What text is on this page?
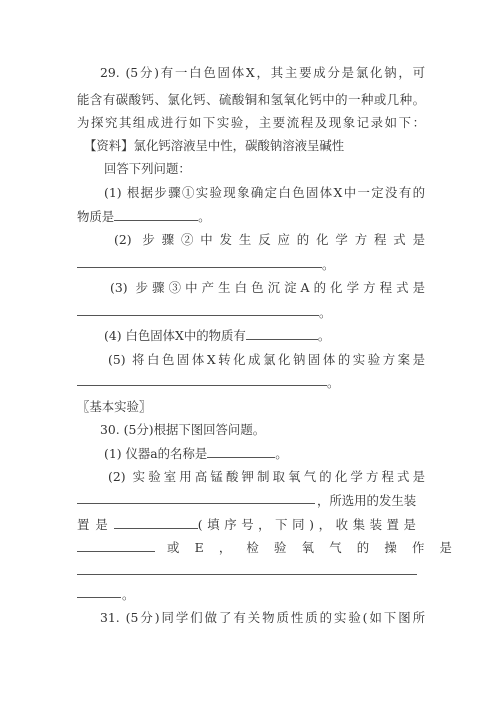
29. (5分)有一白色固体X，其主要成分是氯化钠，可
能含有碳酸钙、氯化钙、硫酸铜和氢氧化钙中的一种或几种。
为探究其组成进行如下实验，主要流程及现象记录如下：
【资料】氯化钙溶液呈中性，碳酸钠溶液呈碱性
回答下列问题：
(1) 根据步骤①实验现象确定白色固体X中一定没有的
物质是	。
(2) 步骤②中发生反应的化学方程式是
。
(3) 步骤③中产生白色沉淀A的化学方程式是
。
(4) 白色固体X中的物质有	。
(5) 将白色固体X转化成氯化钠固体的实验方案是
。
〖基本实验〗
30. (5分)根据下图回答问题。
(1) 仪器a的名称是	。
(2) 实验室用高锰酸钾制取氧气的化学方程式是
，所选用的发生装
置是	(填序号，下同)，收集装置是
或E，检验氧气的操作是
。
31. (5分)同学们做了有关物质性质的实验(如下图所
